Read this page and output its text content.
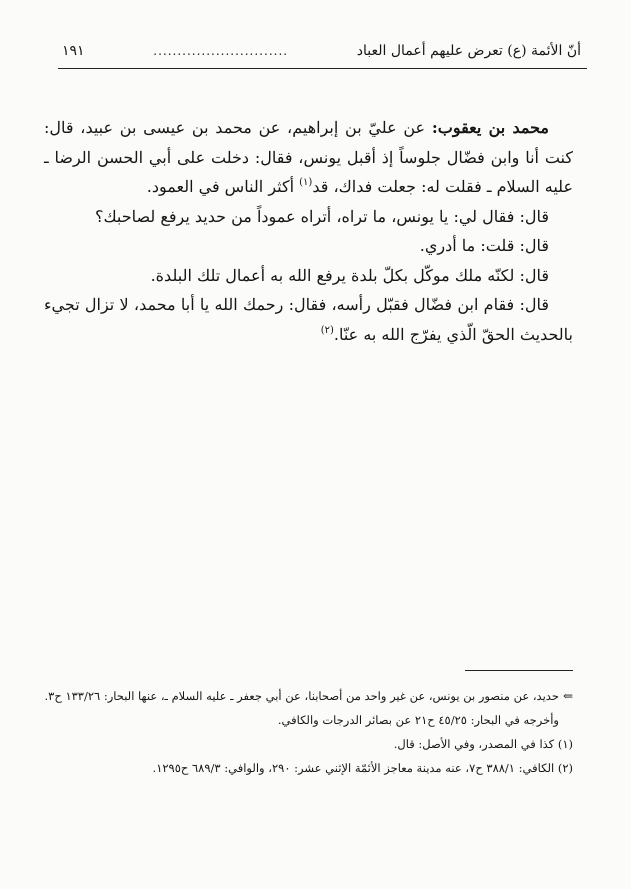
أنّ الأئمة (ع) تعرض عليهم أعمال العباد
............................
١٩١

محمد بن يعقوب: عن عليّ بن إبراهيم، عن محمد بن عيسى بن عبيد، قال: كنت أنا وابن فضّال جلوساً إذ أقبل يونس، فقال: دخلت على أبي الحسن الرضا ـ عليه السلام ـ فقلت له: جعلت فداك، قد$^{(١)}$ أكثر الناس في العمود.

قال: فقال لي: يا يونس، ما تراه، أتراه عموداً من حديد يرفع لصاحبك؟

قال: قلت: ما أدري.

قال: لكنّه ملك موكّل بكلّ بلدة يرفع الله به أعمال تلك البلدة.

قال: فقام ابن فضّال فقبّل رأسه، فقال: رحمك الله يا أبا محمد، لا تزال تجيء بالحديث الحقّ الّذي يفرّج الله به عنّا.$^{(٢)}$

⇐حديد، عن منصور بن يونس، عن غير واحد من أصحابنا، عن أبي جعفر ـ عليه السلام ـ، عنها البحار: ١٣٣/٢٦ ح٣.

وأخرجه في البحار: ٤٥/٢٥ ح٢١ عن بصائر الدرجات والكافي.

(١) كذا في المصدر، وفي الأصل: قال.

(٢) الكافي: ٣٨٨/١ ح٧، عنه مدينة معاجز الأئمّة الإثني عشر: ٢٩٠، والوافي: ٦٨٩/٣ ح١٢٩٥.
